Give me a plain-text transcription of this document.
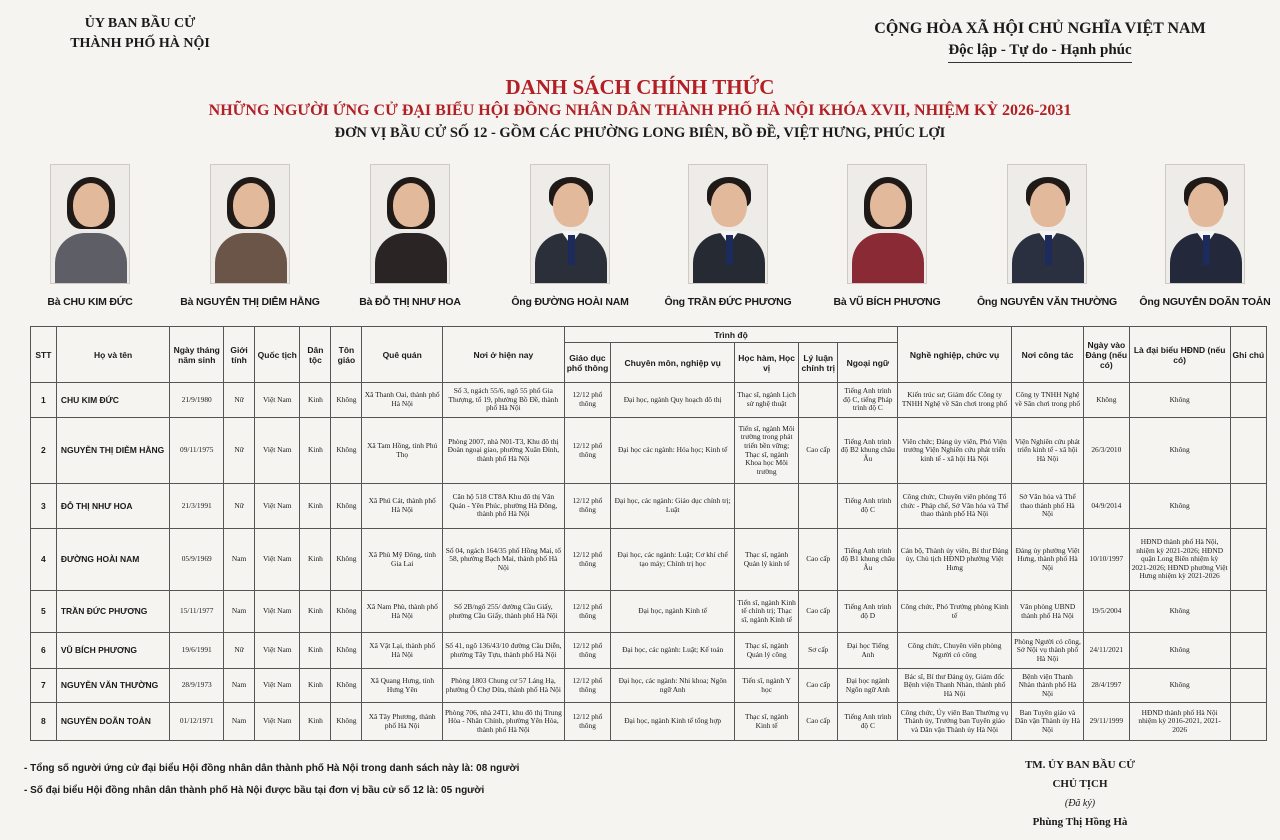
ỦY BAN BẦU CỬ
THÀNH PHỐ HÀ NỘI
CỘNG HÒA XÃ HỘI CHỦ NGHĨA VIỆT NAM
Độc lập - Tự do - Hạnh phúc
DANH SÁCH CHÍNH THỨC
NHỮNG NGƯỜI ỨNG CỬ ĐẠI BIỂU HỘI ĐỒNG NHÂN DÂN THÀNH PHỐ HÀ NỘI KHÓA XVII, NHIỆM KỲ 2026-2031
ĐƠN VỊ BẦU CỬ SỐ 12 - GỒM CÁC PHƯỜNG LONG BIÊN, BỒ ĐỀ, VIỆT HƯNG, PHÚC LỢI
Bà CHU KIM ĐỨC	Bà NGUYỄN THỊ DIỄM HẰNG	Bà ĐỖ THỊ NHƯ HOA	Ông ĐƯỜNG HOÀI NAM	Ông TRẦN ĐỨC PHƯƠNG	Bà VŨ BÍCH PHƯƠNG	Ông NGUYỄN VĂN THƯỜNG	Ông NGUYỄN DOÃN TOẢN
STT	Họ và tên	Ngày tháng năm sinh	Giới tính	Quốc tịch	Dân tộc	Tôn giáo	Quê quán	Nơi ở hiện nay	Trình độ					Nghề nghiệp, chức vụ	Nơi công tác	Ngày vào Đảng (nếu có)	Là đại biểu HĐND (nếu có)	Ghi chú
									Giáo dục phổ thông	Chuyên môn, nghiệp vụ	Học hàm, Học vị	Lý luận chính trị	Ngoại ngữ					
1	CHU KIM ĐỨC	21/9/1980	Nữ	Việt Nam	Kinh	Không	Xã Thanh Oai, thành phố Hà Nội	Số 3, ngách 55/6, ngõ 55 phố Gia Thượng, tổ 19, phường Bồ Đề, thành phố Hà Nội	12/12 phổ thông	Đại học, ngành Quy hoạch đô thị	Thạc sĩ, ngành Lịch sử nghệ thuật		Tiếng Anh trình độ C, tiếng Pháp trình độ C	Kiến trúc sư; Giám đốc Công ty TNHH Nghệ về Sân chơi trong phố	Công ty TNHH Nghệ về Sân chơi trong phố	Không	Không	
2	NGUYỄN THỊ DIỄM HẰNG	09/11/1975	Nữ	Việt Nam	Kinh	Không	Xã Tam Hồng, tỉnh Phú Thọ	Phòng 2007, nhà N01-T3, Khu đô thị Đoàn ngoại giao, phường Xuân Đỉnh, thành phố Hà Nội	12/12 phổ thông	Đại học các ngành: Hóa học; Kinh tế	Tiến sĩ, ngành Môi trường trong phát triển bền vững; Thạc sĩ, ngành Khoa học Môi trường	Cao cấp	Tiếng Anh trình độ B2 khung châu Âu	Viên chức; Đảng ủy viên, Phó Viện trưởng Viện Nghiên cứu phát triển kinh tế - xã hội Hà Nội	Viện Nghiên cứu phát triển kinh tế - xã hội Hà Nội	26/3/2010	Không	
3	ĐỖ THỊ NHƯ HOA	21/3/1991	Nữ	Việt Nam	Kinh	Không	Xã Phú Cát, thành phố Hà Nội	Căn hộ 518 CT8A Khu đô thị Văn Quán - Yên Phúc, phường Hà Đông, thành phố Hà Nội	12/12 phổ thông	Đại học, các ngành: Giáo dục chính trị; Luật			Tiếng Anh trình độ C	Công chức, Chuyên viên phòng Tổ chức - Pháp chế, Sở Văn hóa và Thể thao thành phố Hà Nội	Sở Văn hóa và Thể thao thành phố Hà Nội	04/9/2014	Không	
4	ĐƯỜNG HOÀI NAM	05/9/1969	Nam	Việt Nam	Kinh	Không	Xã Phù Mỹ Đông, tỉnh Gia Lai	Số 04, ngách 164/35 phố Hồng Mai, tổ 58, phường Bạch Mai, thành phố Hà Nội	12/12 phổ thông	Đại học, các ngành: Luật; Cơ khí chế tạo máy; Chính trị học	Thạc sĩ, ngành Quản lý kinh tế	Cao cấp	Tiếng Anh trình độ B1 khung châu Âu	Cán bộ, Thành ủy viên, Bí thư Đảng ủy, Chủ tịch HĐND phường Việt Hưng	Đảng ủy phường Việt Hưng, thành phố Hà Nội	10/10/1997	HĐND thành phố Hà Nội, nhiệm kỳ 2021-2026; HĐND quận Long Biên nhiệm kỳ 2021-2026; HĐND phường Việt Hưng nhiệm kỳ 2021-2026	
5	TRẦN ĐỨC PHƯƠNG	15/11/1977	Nam	Việt Nam	Kinh	Không	Xã Nam Phù, thành phố Hà Nội	Số 2B/ngõ 255/ đường Cầu Giấy, phường Cầu Giấy, thành phố Hà Nội	12/12 phổ thông	Đại học, ngành Kinh tế	Tiến sĩ, ngành Kinh tế chính trị; Thạc sĩ, ngành Kinh tế	Cao cấp	Tiếng Anh trình độ D	Công chức, Phó Trưởng phòng Kinh tế	Văn phòng UBND thành phố Hà Nội	19/5/2004	Không	
6	VŨ BÍCH PHƯƠNG	19/6/1991	Nữ	Việt Nam	Kinh	Không	Xã Vật Lại, thành phố Hà Nội	Số 41, ngõ 136/43/10 đường Cầu Diễn, phường Tây Tựu, thành phố Hà Nội	12/12 phổ thông	Đại học, các ngành: Luật; Kế toán	Thạc sĩ, ngành Quản lý công	Sơ cấp	Đại học Tiếng Anh	Công chức, Chuyên viên phòng Người có công	Phòng Người có công, Sở Nội vụ thành phố Hà Nội	24/11/2021	Không	
7	NGUYỄN VĂN THƯỜNG	28/9/1973	Nam	Việt Nam	Kinh	Không	Xã Quang Hưng, tỉnh Hưng Yên	Phòng 1803 Chung cư 57 Láng Hạ, phường Ô Chợ Dừa, thành phố Hà Nội	12/12 phổ thông	Đại học, các ngành: Nhi khoa; Ngôn ngữ Anh	Tiến sĩ, ngành Y học	Cao cấp	Đại học ngành Ngôn ngữ Anh	Bác sĩ, Bí thư Đảng ủy, Giám đốc Bệnh viện Thanh Nhàn, thành phố Hà Nội	Bệnh viện Thanh Nhàn thành phố Hà Nội	28/4/1997	Không	
8	NGUYỄN DOÃN TOẢN	01/12/1971	Nam	Việt Nam	Kinh	Không	Xã Tây Phương, thành phố Hà Nội	Phòng 706, nhà 24T1, khu đô thị Trung Hòa - Nhân Chính, phường Yên Hòa, thành phố Hà Nội	12/12 phổ thông	Đại học, ngành Kinh tế tổng hợp	Thạc sĩ, ngành Kinh tế	Cao cấp	Tiếng Anh trình độ C	Công chức, Ủy viên Ban Thường vụ Thành ủy, Trưởng ban Tuyên giáo và Dân vận Thành ủy Hà Nội	Ban Tuyên giáo và Dân vận Thành ủy Hà Nội	29/11/1999	HĐND thành phố Hà Nội nhiệm kỳ 2016-2021, 2021-2026	
- Tổng số người ứng cử đại biểu Hội đồng nhân dân thành phố Hà Nội trong danh sách này là: 08 người
- Số đại biểu Hội đồng nhân dân thành phố Hà Nội được bầu tại đơn vị bầu cử số 12 là: 05 người
TM. ỦY BAN BẦU CỬ
CHỦ TỊCH
(Đã ký)
Phùng Thị Hồng Hà
